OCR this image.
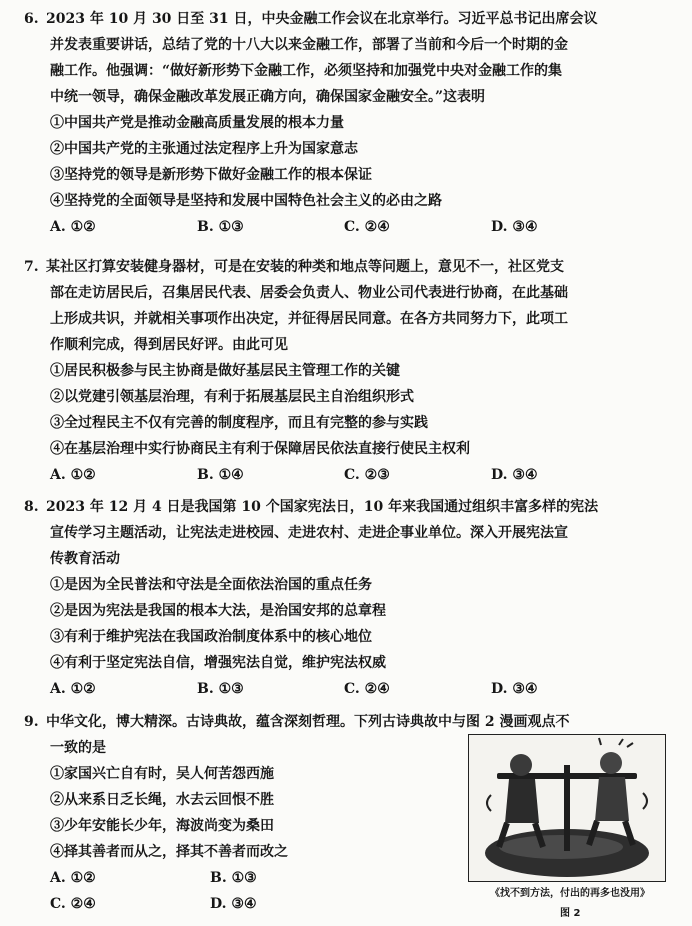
6. 2023 年 10 月 30 日至 31 日，中央金融工作会议在北京举行。习近平总书记出席会议
并发表重要讲话，总结了党的十八大以来金融工作，部署了当前和今后一个时期的金
融工作。他强调：“做好新形势下金融工作，必须坚持和加强党中央对金融工作的集
中统一领导，确保金融改革发展正确方向，确保国家金融安全。”这表明
①中国共产党是推动金融高质量发展的根本力量
②中国共产党的主张通过法定程序上升为国家意志
③坚持党的领导是新形势下做好金融工作的根本保证
④坚持党的全面领导是坚持和发展中国特色社会主义的必由之路
A. ①②	B. ①③	C. ②④	D. ③④
7. 某社区打算安装健身器材，可是在安装的种类和地点等问题上，意见不一，社区党支
部在走访居民后，召集居民代表、居委会负责人、物业公司代表进行协商，在此基础
上形成共识，并就相关事项作出决定，并征得居民同意。在各方共同努力下，此项工
作顺利完成，得到居民好评。由此可见
①居民积极参与民主协商是做好基层民主管理工作的关键
②以党建引领基层治理，有利于拓展基层民主自治组织形式
③全过程民主不仅有完善的制度程序，而且有完整的参与实践
④在基层治理中实行协商民主有利于保障居民依法直接行使民主权利
A. ①②	B. ①④	C. ②③	D. ③④
8. 2023 年 12 月 4 日是我国第 10 个国家宪法日，10 年来我国通过组织丰富多样的宪法
宣传学习主题活动，让宪法走进校园、走进农村、走进企事业单位。深入开展宪法宣
传教育活动
①是因为全民普法和守法是全面依法治国的重点任务
②是因为宪法是我国的根本大法，是治国安邦的总章程
③有利于维护宪法在我国政治制度体系中的核心地位
④有利于坚定宪法自信，增强宪法自觉，维护宪法权威
A. ①②	B. ①③	C. ②④	D. ③④
9. 中华文化，博大精深。古诗典故，蕴含深刻哲理。下列古诗典故中与图 2 漫画观点不
一致的是
①家国兴亡自有时，吴人何苦怨西施
②从来系日乏长绳，水去云回恨不胜
③少年安能长少年，海波尚变为桑田
④择其善者而从之，择其不善者而改之
A. ①②	B. ①③
C. ②④	D. ③④
《找不到方法，付出的再多也没用》
图 2
